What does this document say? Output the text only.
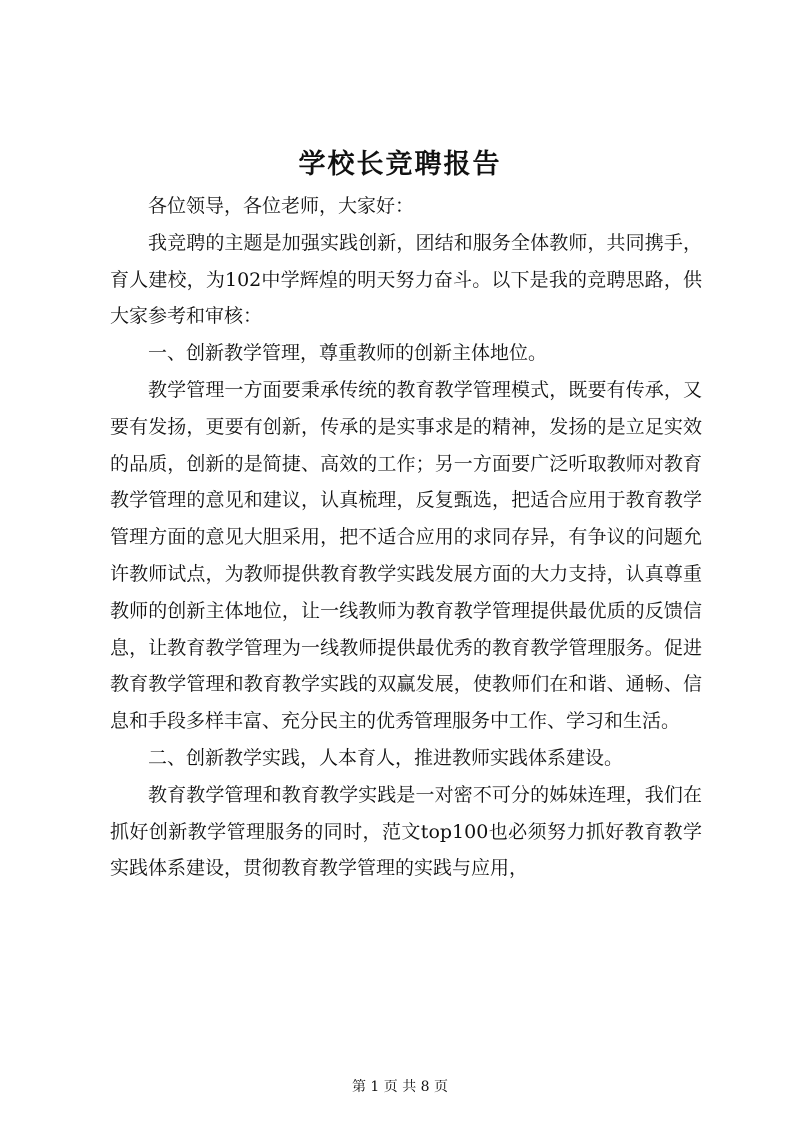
学校长竞聘报告

各位领导，各位老师，大家好：

我竞聘的主题是加强实践创新，团结和服务全体教师，共同携手，育人建校，为102中学辉煌的明天努力奋斗。以下是我的竞聘思路，供大家参考和审核：

一、创新教学管理，尊重教师的创新主体地位。

教学管理一方面要秉承传统的教育教学管理模式，既要有传承，又要有发扬，更要有创新，传承的是实事求是的精神，发扬的是立足实效的品质，创新的是简捷、高效的工作；另一方面要广泛听取教师对教育教学管理的意见和建议，认真梳理，反复甄选，把适合应用于教育教学管理方面的意见大胆采用，把不适合应用的求同存异，有争议的问题允许教师试点，为教师提供教育教学实践发展方面的大力支持，认真尊重教师的创新主体地位，让一线教师为教育教学管理提供最优质的反馈信息，让教育教学管理为一线教师提供最优秀的教育教学管理服务。促进教育教学管理和教育教学实践的双赢发展，使教师们在和谐、通畅、信息和手段多样丰富、充分民主的优秀管理服务中工作、学习和生活。

二、创新教学实践，人本育人，推进教师实践体系建设。

教育教学管理和教育教学实践是一对密不可分的姊妹连理，我们在抓好创新教学管理服务的同时，范文top100也必须努力抓好教育教学实践体系建设，贯彻教育教学管理的实践与应用，

第 1 页 共 8 页
